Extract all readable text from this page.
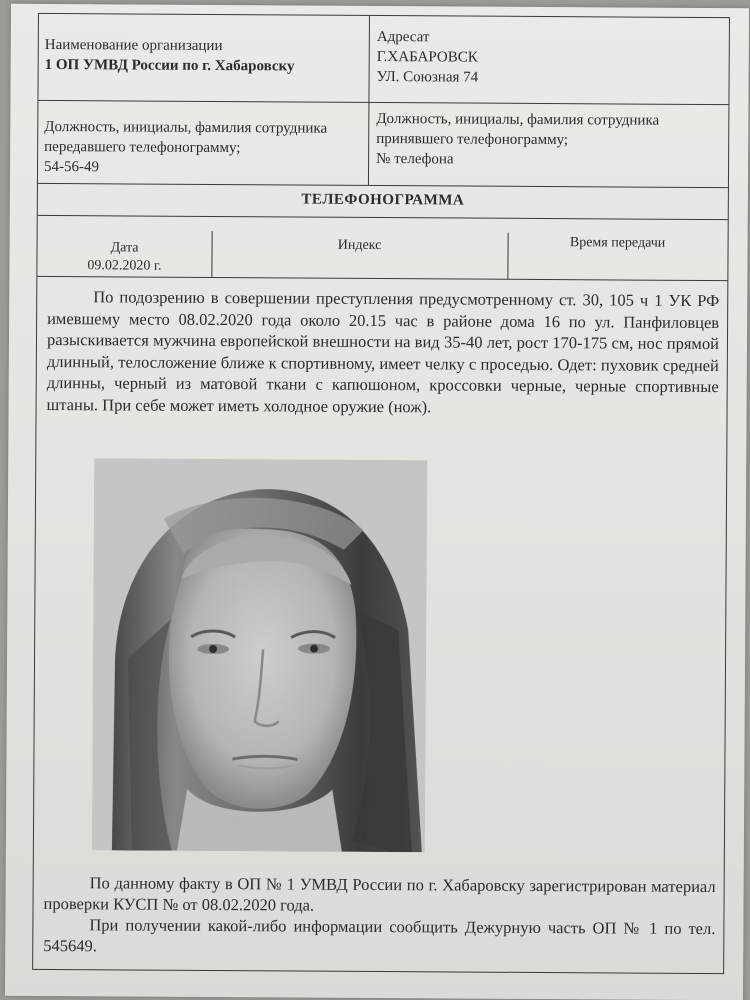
Наименование организации
1 ОП УМВД России по г. Хабаровску
Адресат
Г.ХАБАРОВСК
УЛ. Союзная 74
Должность, инициалы, фамилия сотрудника
передавшего телефонограмму;
54-56-49
Должность, инициалы, фамилия сотрудника
принявшего телефонограмму;
№ телефона
ТЕЛЕФОНОГРАММА
Дата
09.02.2020 г.
Индекс	Время передачи
По подозрению в совершении преступления предусмотренному ст. 30, 105 ч 1 УК РФ имевшему место 08.02.2020 года около 20.15 час в районе дома 16 по ул. Панфиловцев разыскивается мужчина европейской внешности на вид 35-40 лет, рост 170-175 см, нос прямой длинный, телосложение ближе к спортивному, имеет челку с проседью. Одет: пуховик средней длинны, черный из матовой ткани с капюшоном, кроссовки черные, черные спортивные штаны. При себе может иметь холодное оружие (нож).
По данному факту в ОП № 1 УМВД России по г. Хабаровску зарегистрирован материал проверки КУСП № от 08.02.2020 года.
При получении какой-либо информации сообщить Дежурную часть ОП № 1 по тел. 545649.
